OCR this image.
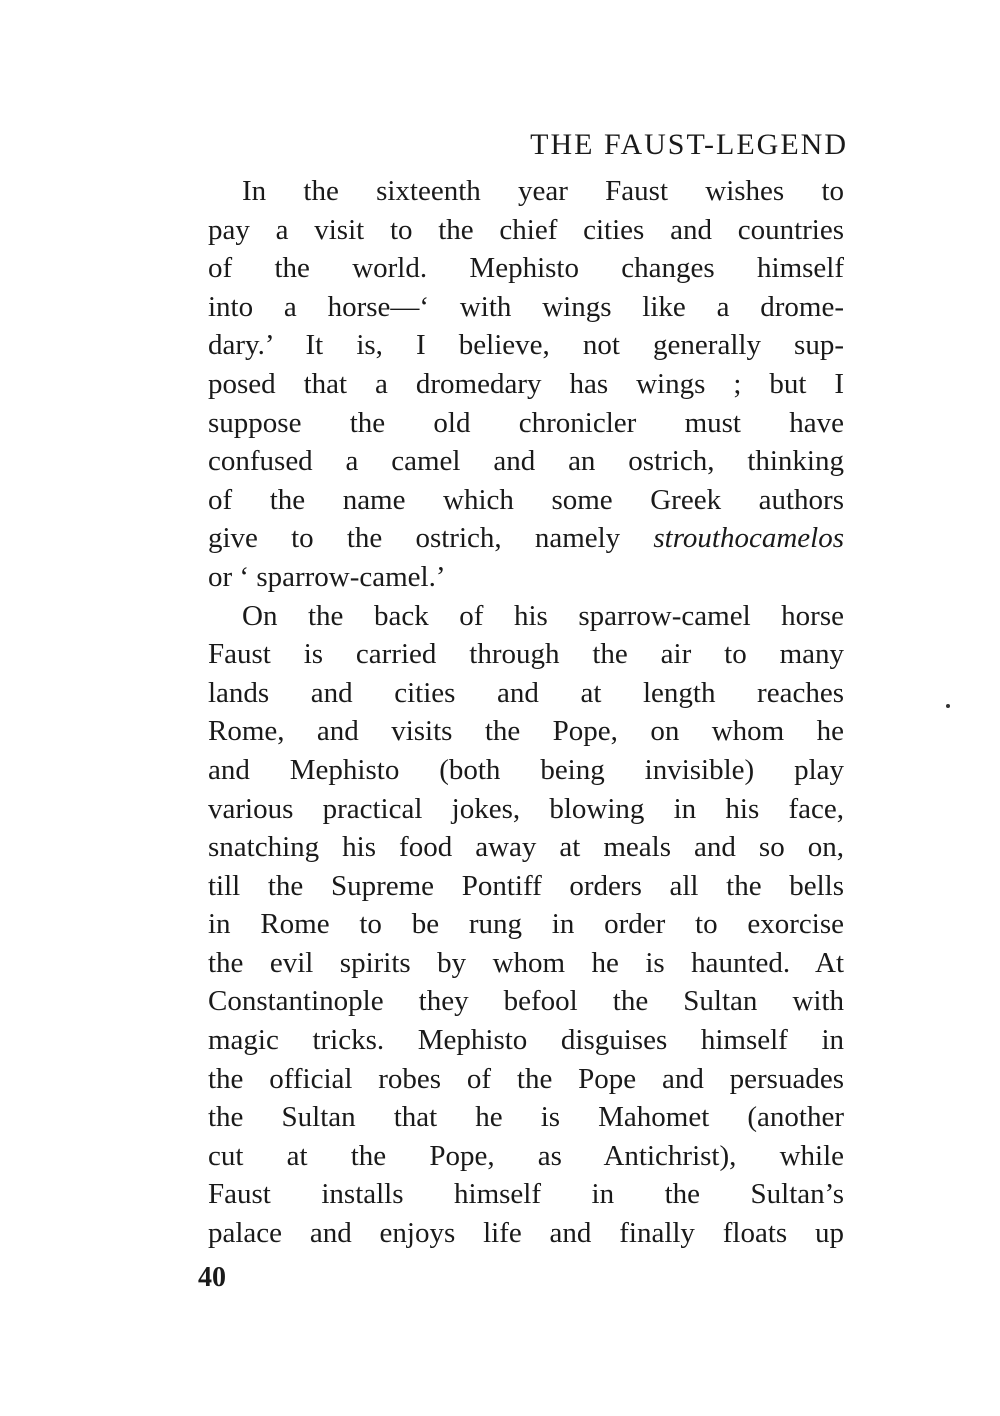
THE FAUST-LEGEND
In the sixteenth year Faust wishes to
pay a visit to the chief cities and countries
of the world. Mephisto changes himself
into a horse—‘ with wings like a drome-
dary.’ It is, I believe, not generally sup-
posed that a dromedary has wings ; but I
suppose the old chronicler must have
confused a camel and an ostrich, thinking
of the name which some Greek authors
give to the ostrich, namely strouthocamelos
or ‘ sparrow-camel.’
On the back of his sparrow-camel horse
Faust is carried through the air to many
lands and cities and at length reaches
Rome, and visits the Pope, on whom he
and Mephisto (both being invisible) play
various practical jokes, blowing in his face,
snatching his food away at meals and so on,
till the Supreme Pontiff orders all the bells
in Rome to be rung in order to exorcise
the evil spirits by whom he is haunted. At
Constantinople they befool the Sultan with
magic tricks. Mephisto disguises himself in
the official robes of the Pope and persuades
the Sultan that he is Mahomet (another
cut at the Pope, as Antichrist), while
Faust installs himself in the Sultan’s
palace and enjoys life and finally floats up
40
